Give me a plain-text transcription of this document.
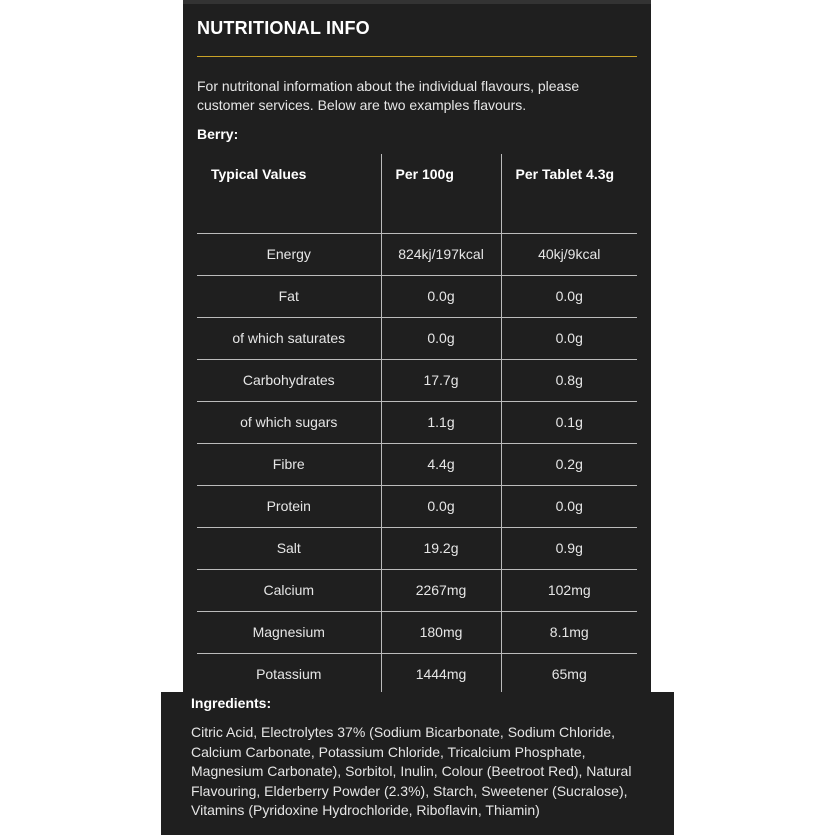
NUTRITIONAL INFO
For nutritonal information about the individual flavours, please customer services. Below are two examples flavours.
Berry:
Typical Values	Per 100g	Per Tablet 4.3g
Energy	824kj/197kcal	40kj/9kcal
Fat	0.0g	0.0g
of which saturates	0.0g	0.0g
Carbohydrates	17.7g	0.8g
of which sugars	1.1g	0.1g
Fibre	4.4g	0.2g
Protein	0.0g	0.0g
Salt	19.2g	0.9g
Calcium	2267mg	102mg
Magnesium	180mg	8.1mg
Potassium	1444mg	65mg
Ingredients:
Citric Acid, Electrolytes 37% (Sodium Bicarbonate, Sodium Chloride, Calcium Carbonate, Potassium Chloride, Tricalcium Phosphate, Magnesium Carbonate), Sorbitol, Inulin, Colour (Beetroot Red), Natural Flavouring, Elderberry Powder (2.3%), Starch, Sweetener (Sucralose), Vitamins (Pyridoxine Hydrochloride, Riboflavin, Thiamin)
